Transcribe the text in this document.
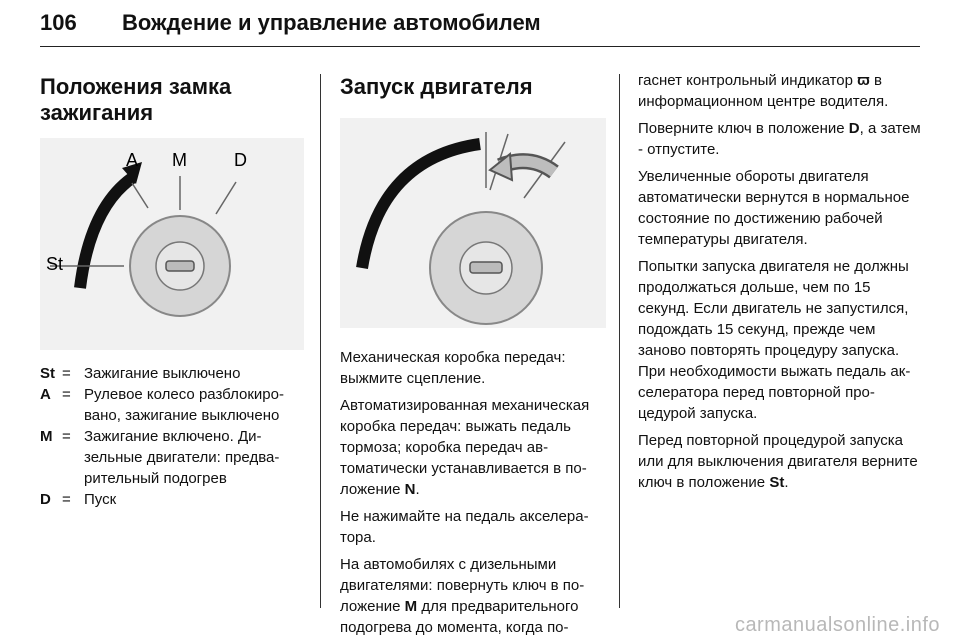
106 Вождение и управление автомобилем
Положения замка зажигания
A M	D
St
St = Зажигание выключено
A = Рулевое колесо разблокировано, зажигание выключено
M = Зажигание включено. Дизельные двигатели: предварительный подогрев
D = Пуск
Запуск двигателя

Механическая коробка передач: выжмите сцепление.

Автоматизированная механическая коробка передач: выжать педаль тормоза; коробка передач автоматически устанавливается в положение N.

Не нажимайте на педаль акселератора.

На автомобилях с дизельными двигателями: повернуть ключ в положение M для предварительного подогрева до момента, когда по-

гаснет контрольный индикатор ϖ в информационном центре водителя.

Поверните ключ в положение D, а затем - отпустите.

Увеличенные обороты двигателя автоматически вернутся в нормальное состояние по достижению рабочей температуры двигателя.

Попытки запуска двигателя не должны продолжаться дольше, чем по 15 секунд. Если двигатель не запустился, подождать 15 секунд, прежде чем заново повторять процедуру запуска. При необходимости выжать педаль акселератора перед повторной процедурой запуска.

Перед повторной процедурой запуска или для выключения двигателя верните ключ в положение St.

carmanualsonline.info
